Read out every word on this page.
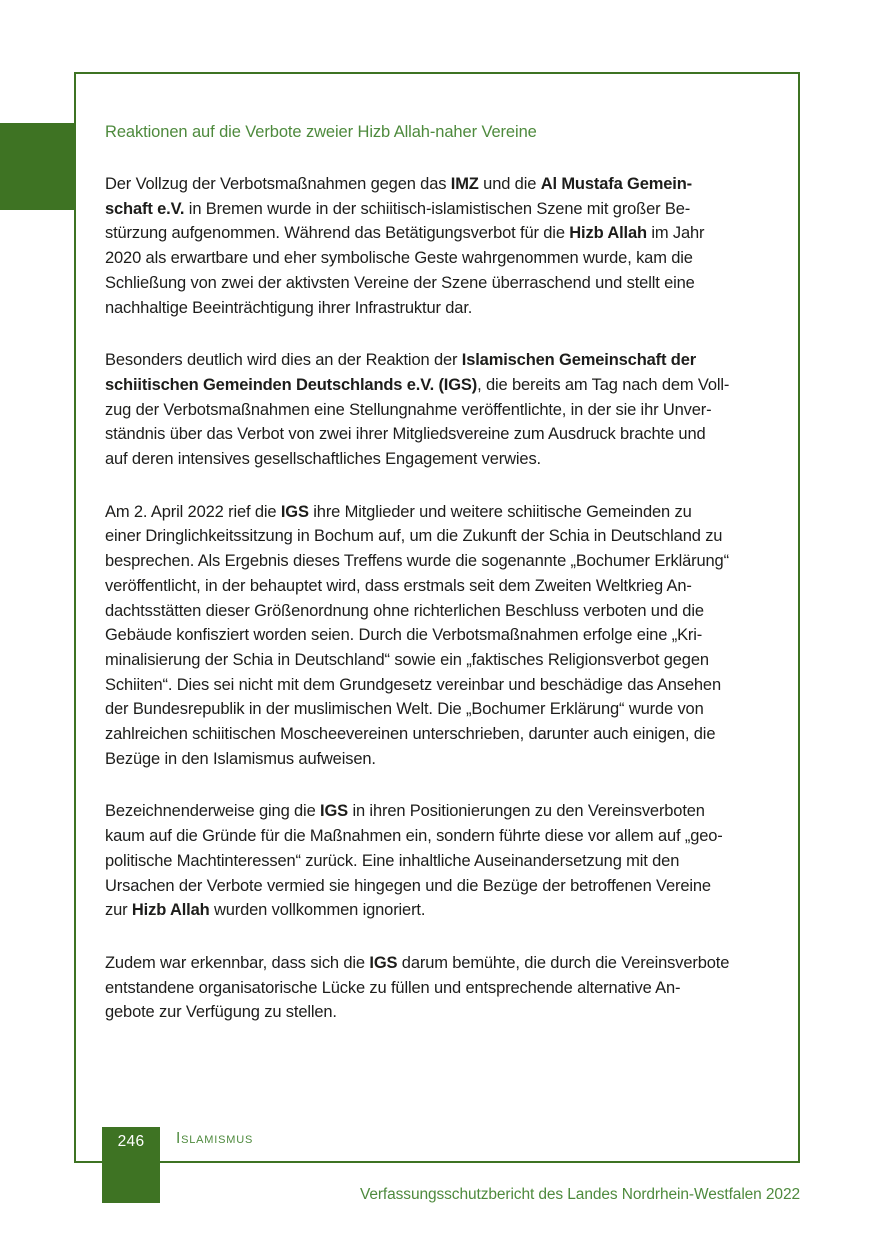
Reaktionen auf die Verbote zweier Hizb Allah-naher Vereine

Der Vollzug der Verbotsmaßnahmen gegen das IMZ und die Al Mustafa Gemein-
schaft e.V. in Bremen wurde in der schiitisch-islamistischen Szene mit großer Be-
stürzung aufgenommen. Während das Betätigungsverbot für die Hizb Allah im Jahr
2020 als erwartbare und eher symbolische Geste wahrgenommen wurde, kam die
Schließung von zwei der aktivsten Vereine der Szene überraschend und stellt eine
nachhaltige Beeinträchtigung ihrer Infrastruktur dar.

Besonders deutlich wird dies an der Reaktion der Islamischen Gemeinschaft der
schiitischen Gemeinden Deutschlands e.V. (IGS), die bereits am Tag nach dem Voll-
zug der Verbotsmaßnahmen eine Stellungnahme veröffentlichte, in der sie ihr Unver-
ständnis über das Verbot von zwei ihrer Mitgliedsvereine zum Ausdruck brachte und
auf deren intensives gesellschaftliches Engagement verwies.

Am 2. April 2022 rief die IGS ihre Mitglieder und weitere schiitische Gemeinden zu
einer Dringlichkeitssitzung in Bochum auf, um die Zukunft der Schia in Deutschland zu
besprechen. Als Ergebnis dieses Treffens wurde die sogenannte „Bochumer Erklärung“
veröffentlicht, in der behauptet wird, dass erstmals seit dem Zweiten Weltkrieg An-
dachtsstätten dieser Größenordnung ohne richterlichen Beschluss verboten und die
Gebäude konfisziert worden seien. Durch die Verbotsmaßnahmen erfolge eine „Kri-
minalisierung der Schia in Deutschland“ sowie ein „faktisches Religionsverbot gegen
Schiiten“. Dies sei nicht mit dem Grundgesetz vereinbar und beschädige das Ansehen
der Bundesrepublik in der muslimischen Welt. Die „Bochumer Erklärung“ wurde von
zahlreichen schiitischen Moscheevereinen unterschrieben, darunter auch einigen, die
Bezüge in den Islamismus aufweisen.

Bezeichnenderweise ging die IGS in ihren Positionierungen zu den Vereinsverboten
kaum auf die Gründe für die Maßnahmen ein, sondern führte diese vor allem auf „geo-
politische Machtinteressen“ zurück. Eine inhaltliche Auseinandersetzung mit den
Ursachen der Verbote vermied sie hingegen und die Bezüge der betroffenen Vereine
zur Hizb Allah wurden vollkommen ignoriert.

Zudem war erkennbar, dass sich die IGS darum bemühte, die durch die Vereinsverbote
entstandene organisatorische Lücke zu füllen und entsprechende alternative An-
gebote zur Verfügung zu stellen.

246	Islamismus
Verfassungsschutzbericht des Landes Nordrhein-Westfalen 2022
